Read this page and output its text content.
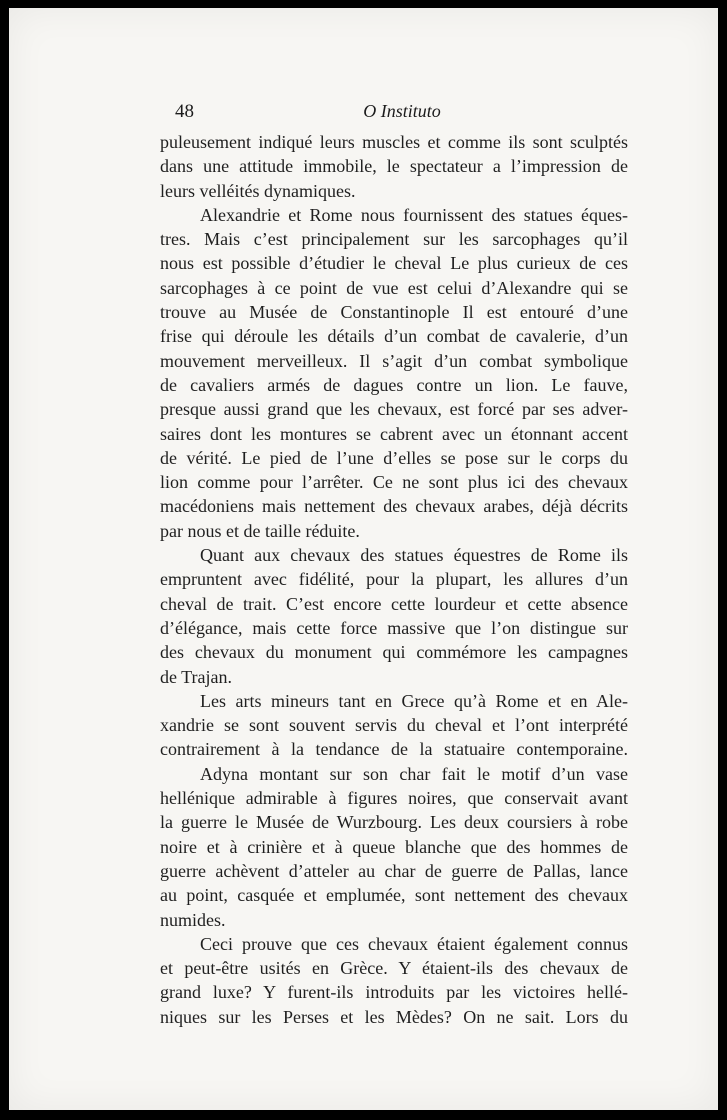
48	O Instituto
puleusement indiqué leurs muscles et comme ils sont sculptés
dans une attitude immobile, le spectateur a l’impression de
leurs velléités dynamiques.
Alexandrie et Rome nous fournissent des statues éques-
tres. Mais c’est principalement sur les sarcophages qu’il
nous est possible d’étudier le cheval Le plus curieux de ces
sarcophages à ce point de vue est celui d’Alexandre qui se
trouve au Musée de Constantinople Il est entouré d’une
frise qui déroule les détails d’un combat de cavalerie, d’un
mouvement merveilleux. Il s’agit d’un combat symbolique
de cavaliers armés de dagues contre un lion. Le fauve,
presque aussi grand que les chevaux, est forcé par ses adver-
saires dont les montures se cabrent avec un étonnant accent
de vérité. Le pied de l’une d’elles se pose sur le corps du
lion comme pour l’arrêter. Ce ne sont plus ici des chevaux
macédoniens mais nettement des chevaux arabes, déjà décrits
par nous et de taille réduite.
Quant aux chevaux des statues équestres de Rome ils
empruntent avec fidélité, pour la plupart, les allures d’un
cheval de trait. C’est encore cette lourdeur et cette absence
d’élégance, mais cette force massive que l’on distingue sur
des chevaux du monument qui commémore les campagnes
de Trajan.
Les arts mineurs tant en Grece qu’à Rome et en Ale-
xandrie se sont souvent servis du cheval et l’ont interprété
contrairement à la tendance de la statuaire contemporaine.
Adyna montant sur son char fait le motif d’un vase
hellénique admirable à figures noires, que conservait avant
la guerre le Musée de Wurzbourg. Les deux coursiers à robe
noire et à crinière et à queue blanche que des hommes de
guerre achèvent d’atteler au char de guerre de Pallas, lance
au point, casquée et emplumée, sont nettement des chevaux
numides.
Ceci prouve que ces chevaux étaient également connus
et peut-être usités en Grèce. Y étaient-ils des chevaux de
grand luxe? Y furent-ils introduits par les victoires hellé-
niques sur les Perses et les Mèdes? On ne sait. Lors du
